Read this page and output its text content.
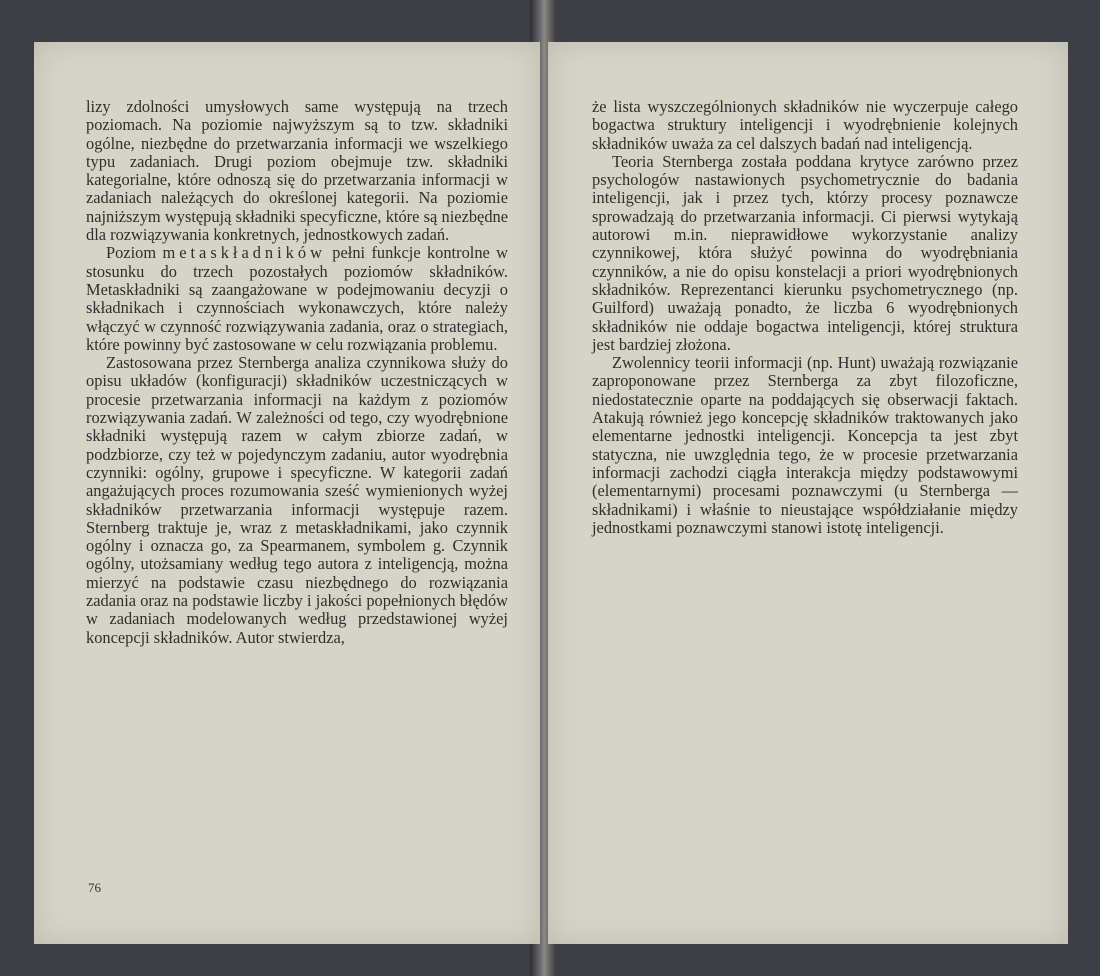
lizy zdolności umysłowych same występują na trzech poziomach. Na poziomie najwyższym są to tzw. składniki ogólne, niezbędne do przetwarzania informacji we wszelkiego typu zadaniach. Drugi poziom obejmuje tzw. składniki kategorialne, które odnoszą się do przetwarzania informacji w zadaniach należących do określonej kategorii. Na poziomie najniższym występują składniki specyficzne, które są niezbędne dla rozwiązywania konkretnych, jednostkowych zadań.

Poziom metaskładników pełni funkcje kontrolne w stosunku do trzech pozostałych poziomów składników. Metaskładniki są zaangażowane w podejmowaniu decyzji o składnikach i czynnościach wykonawczych, które należy włączyć w czynność rozwiązywania zadania, oraz o strategiach, które powinny być zastosowane w celu rozwiązania problemu.

Zastosowana przez Sternberga analiza czynnikowa służy do opisu układów (konfiguracji) składników uczestniczących w procesie przetwarzania informacji na każdym z poziomów rozwiązywania zadań. W zależności od tego, czy wyodrębnione składniki występują razem w całym zbiorze zadań, w podzbiorze, czy też w pojedynczym zadaniu, autor wyodrębnia czynniki: ogólny, grupowe i specyficzne. W kategorii zadań angażujących proces rozumowania sześć wymienionych wyżej składników przetwarzania informacji występuje razem. Sternberg traktuje je, wraz z metaskładnikami, jako czynnik ogólny i oznacza go, za Spearmanem, symbolem g. Czynnik ogólny, utożsamiany według tego autora z inteligencją, można mierzyć na podstawie czasu niezbędnego do rozwiązania zadania oraz na podstawie liczby i jakości popełnionych błędów w zadaniach modelowanych według przedstawionej wyżej koncepcji składników. Autor stwierdza,

76

że lista wyszczególnionych składników nie wyczerpuje całego bogactwa struktury inteligencji i wyodrębnienie kolejnych składników uważa za cel dalszych badań nad inteligencją.

Teoria Sternberga została poddana krytyce zarówno przez psychologów nastawionych psychometrycznie do badania inteligencji, jak i przez tych, którzy procesy poznawcze sprowadzają do przetwarzania informacji. Ci pierwsi wytykają autorowi m.in. nieprawidłowe wykorzystanie analizy czynnikowej, która służyć powinna do wyodrębniania czynników, a nie do opisu konstelacji a priori wyodrębnionych składników. Reprezentanci kierunku psychometrycznego (np. Guilford) uważają ponadto, że liczba 6 wyodrębnionych składników nie oddaje bogactwa inteligencji, której struktura jest bardziej złożona.

Zwolennicy teorii informacji (np. Hunt) uważają rozwiązanie zaproponowane przez Sternberga za zbyt filozoficzne, niedostatecznie oparte na poddających się obserwacji faktach. Atakują również jego koncepcję składników traktowanych jako elementarne jednostki inteligencji. Koncepcja ta jest zbyt statyczna, nie uwzględnia tego, że w procesie przetwarzania informacji zachodzi ciągła interakcja między podstawowymi (elementarnymi) procesami poznawczymi (u Sternberga — składnikami) i właśnie to nieustające współdziałanie między jednostkami poznawczymi stanowi istotę inteligencji.
